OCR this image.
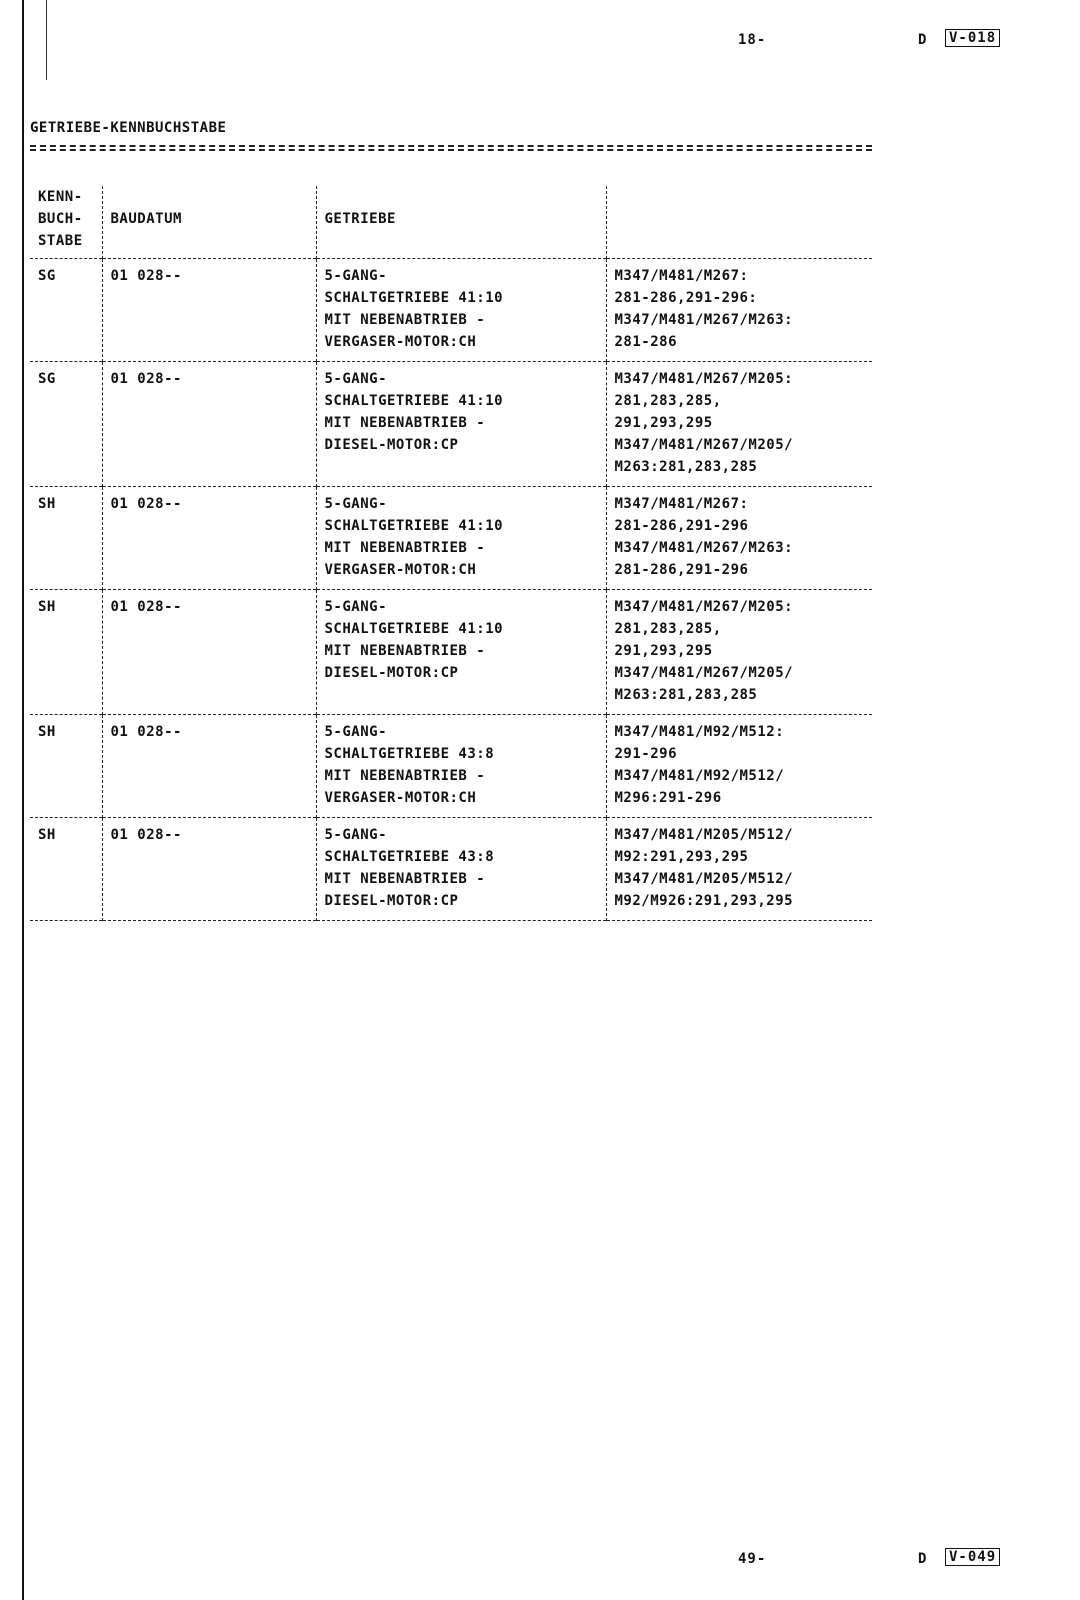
18-	D V-018
GETRIEBE-KENNBUCHSTABE
KENN-
BUCH-
STABE	BAUDATUM	GETRIEBE	
SG	01 028--	5-GANG-
SCHALTGETRIEBE 41:10
MIT NEBENABTRIEB -
VERGASER-MOTOR:CH	M347/M481/M267:
281-286,291-296:
M347/M481/M267/M263:
281-286

SG	01 028--	5-GANG-
SCHALTGETRIEBE 41:10
MIT NEBENABTRIEB -
DIESEL-MOTOR:CP	M347/M481/M267/M205:
281,283,285,
291,293,295
M347/M481/M267/M205/
M263:281,283,285

SH	01 028--	5-GANG-
SCHALTGETRIEBE 41:10
MIT NEBENABTRIEB -
VERGASER-MOTOR:CH	M347/M481/M267:
281-286,291-296
M347/M481/M267/M263:
281-286,291-296

SH	01 028--	5-GANG-
SCHALTGETRIEBE 41:10
MIT NEBENABTRIEB -
DIESEL-MOTOR:CP	M347/M481/M267/M205:
281,283,285,
291,293,295
M347/M481/M267/M205/
M263:281,283,285

SH	01 028--	5-GANG-
SCHALTGETRIEBE 43:8
MIT NEBENABTRIEB -
VERGASER-MOTOR:CH	M347/M481/M92/M512:
291-296
M347/M481/M92/M512/
M296:291-296

SH	01 028--	5-GANG-
SCHALTGETRIEBE 43:8
MIT NEBENABTRIEB -
DIESEL-MOTOR:CP	M347/M481/M205/M512/
M92:291,293,295
M347/M481/M205/M512/
M92/M926:291,293,295
49-	D V-049
